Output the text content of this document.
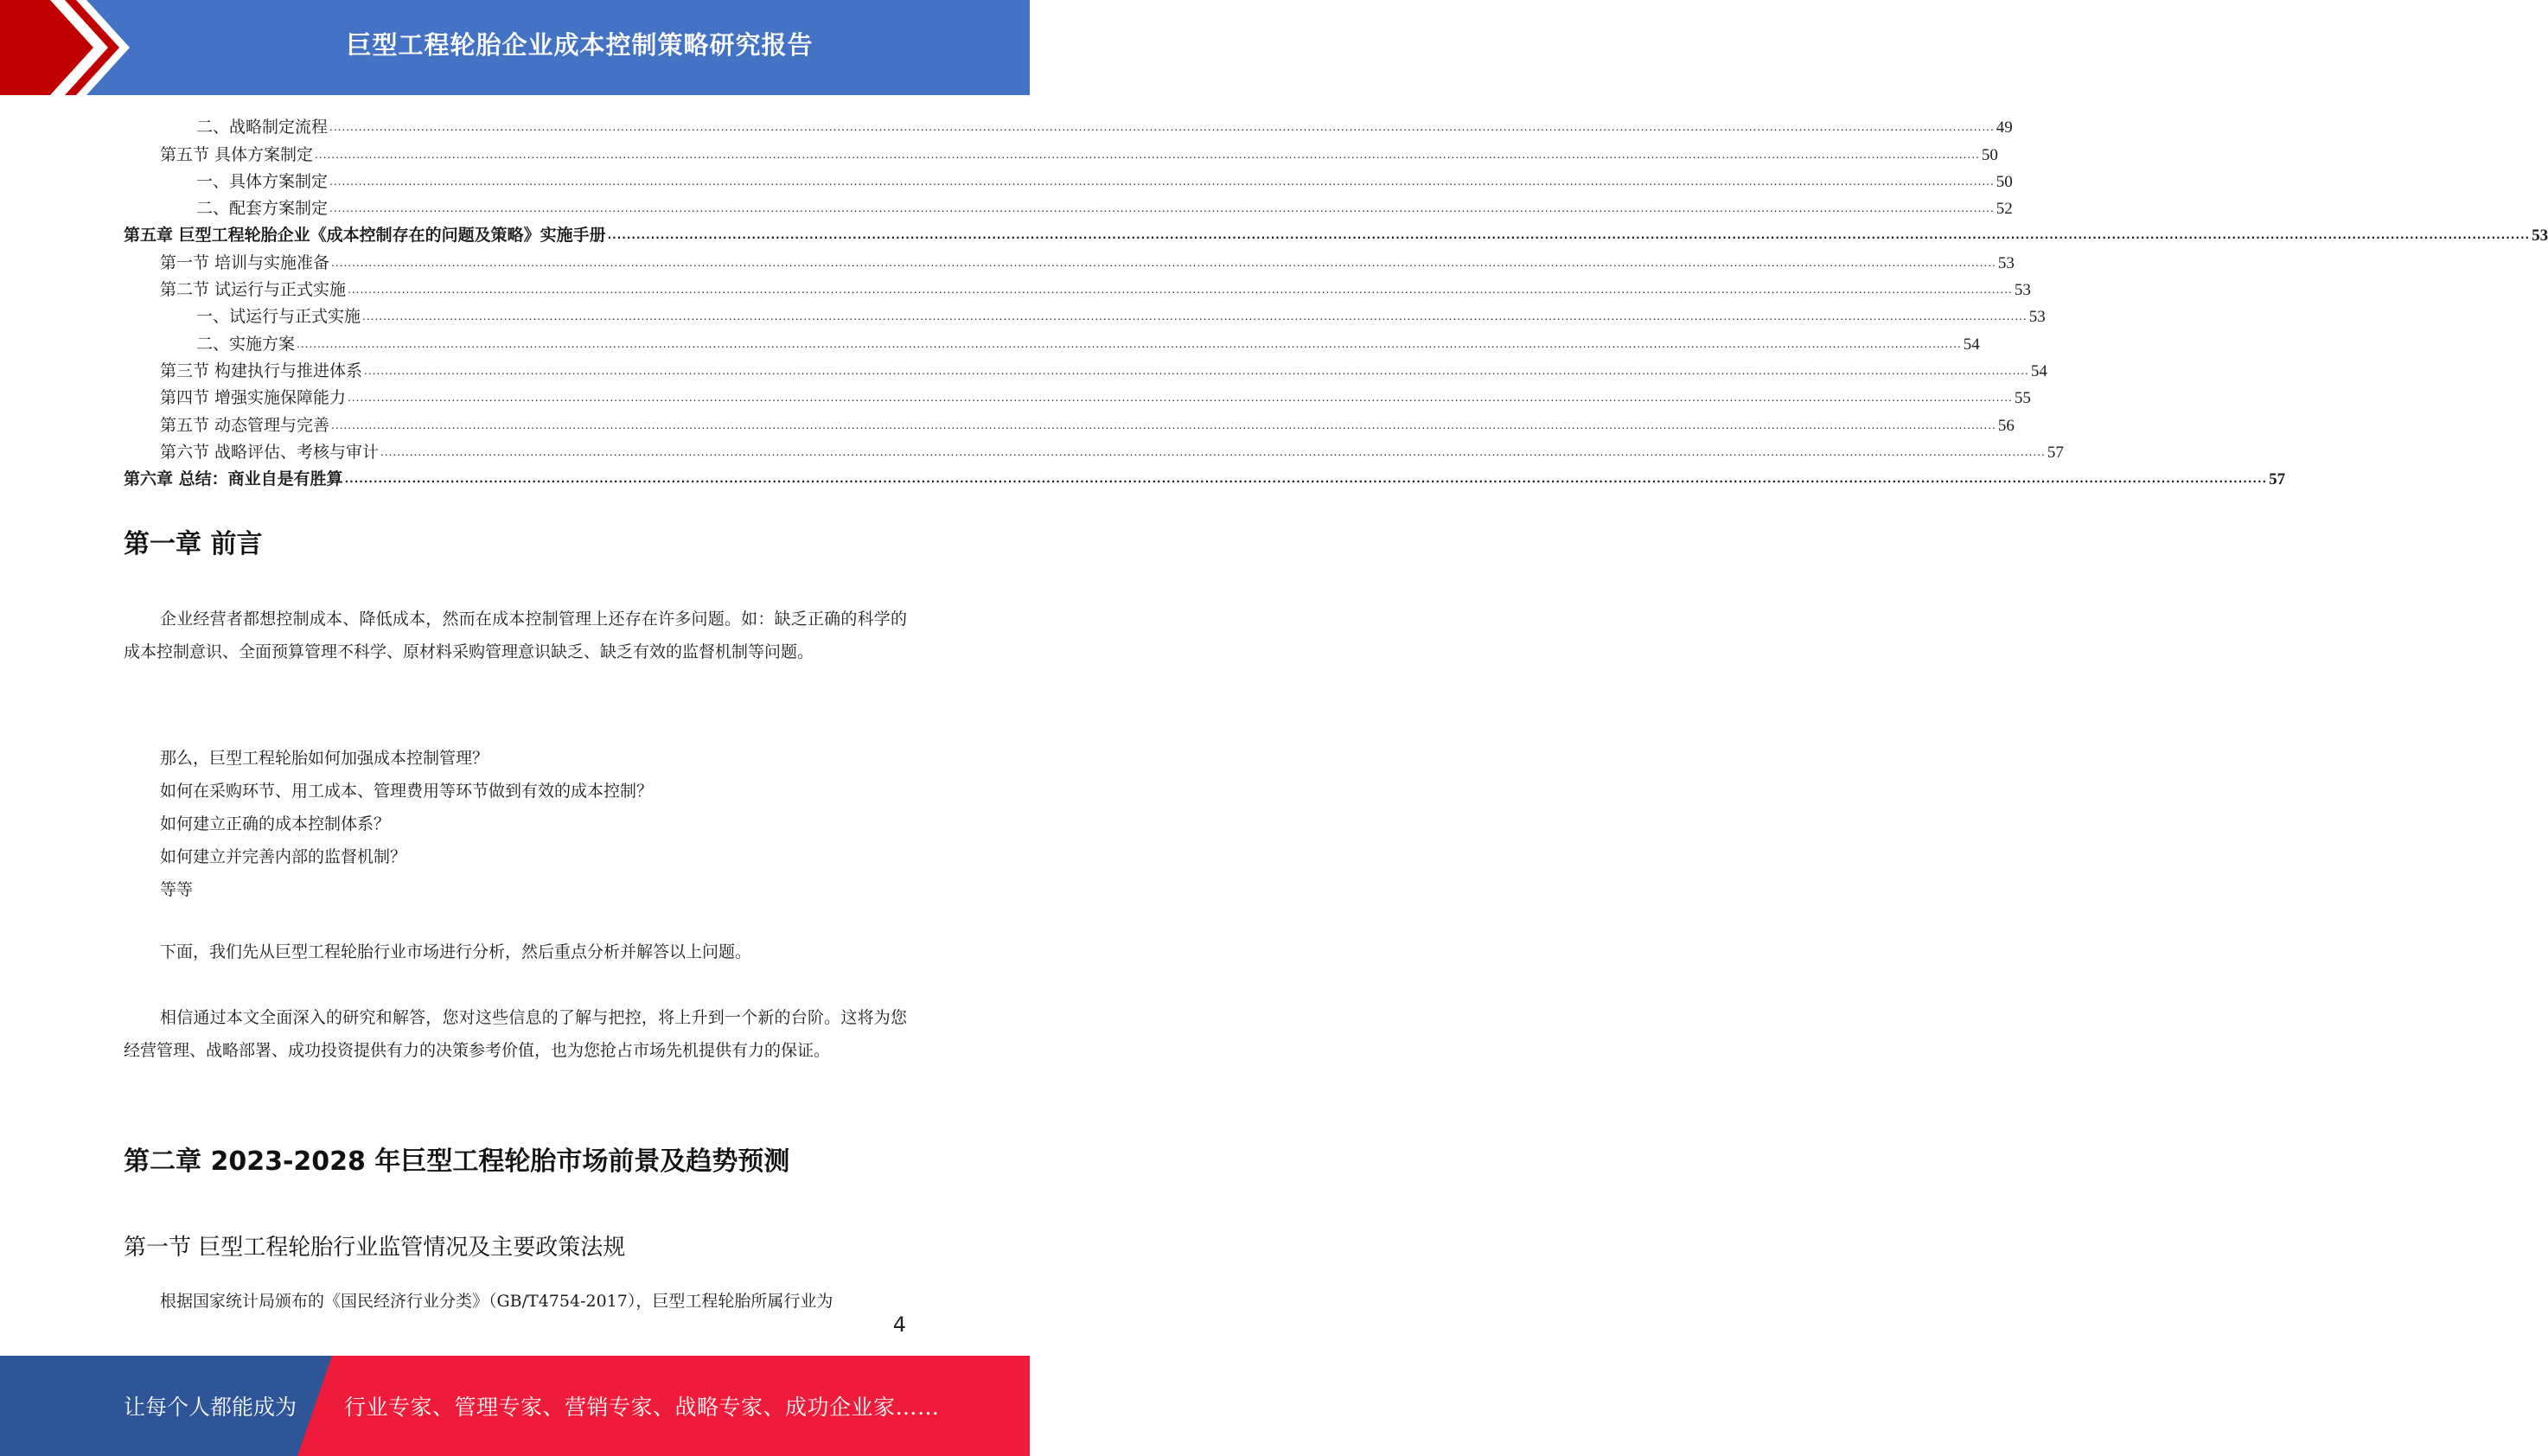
巨型工程轮胎企业成本控制策略研究报告
二、战略制定流程 ................................................................................................................................................................................................................................................................................................................................................................................................................ 49
第五节 具体方案制定 ................................................................................................................................................................................................................................................................................................................................................................................................................ 50
一、具体方案制定 ................................................................................................................................................................................................................................................................................................................................................................................................................ 50
二、配套方案制定 ................................................................................................................................................................................................................................................................................................................................................................................................................ 52
第五章 巨型工程轮胎企业《成本控制存在的问题及策略》实施手册 ................................................................................................................................................................................................................................................................................................................................................................................................................ 53
第一节 培训与实施准备 ................................................................................................................................................................................................................................................................................................................................................................................................................ 53
第二节 试运行与正式实施 ................................................................................................................................................................................................................................................................................................................................................................................................................ 53
一、试运行与正式实施 ................................................................................................................................................................................................................................................................................................................................................................................................................ 53
二、实施方案 ................................................................................................................................................................................................................................................................................................................................................................................................................ 54
第三节 构建执行与推进体系 ................................................................................................................................................................................................................................................................................................................................................................................................................ 54
第四节 增强实施保障能力 ................................................................................................................................................................................................................................................................................................................................................................................................................ 55
第五节 动态管理与完善 ................................................................................................................................................................................................................................................................................................................................................................................................................ 56
第六节 战略评估、考核与审计 ................................................................................................................................................................................................................................................................................................................................................................................................................ 57
第六章 总结：商业自是有胜算 ................................................................................................................................................................................................................................................................................................................................................................................................................ 57
第一章 前言

企业经营者都想控制成本、降低成本，然而在成本控制管理上还存在许多问题。如：缺乏正确的科学的成本控制意识、全面预算管理不科学、原材料采购管理意识缺乏、缺乏有效的监督机制等问题。

那么，巨型工程轮胎如何加强成本控制管理？
如何在采购环节、用工成本、管理费用等环节做到有效的成本控制？
如何建立正确的成本控制体系？
如何建立并完善内部的监督机制？
等等

下面，我们先从巨型工程轮胎行业市场进行分析，然后重点分析并解答以上问题。

相信通过本文全面深入的研究和解答，您对这些信息的了解与把控，将上升到一个新的台阶。这将为您经营管理、战略部署、成功投资提供有力的决策参考价值，也为您抢占市场先机提供有力的保证。

第二章 2023-2028 年巨型工程轮胎市场前景及趋势预测
第一节 巨型工程轮胎行业监管情况及主要政策法规

根据国家统计局颁布的《国民经济行业分类》（GB/T4754-2017），巨型工程轮胎所属行业为

4
让每个人都能成为 行业专家、管理专家、营销专家、战略专家、成功企业家……
